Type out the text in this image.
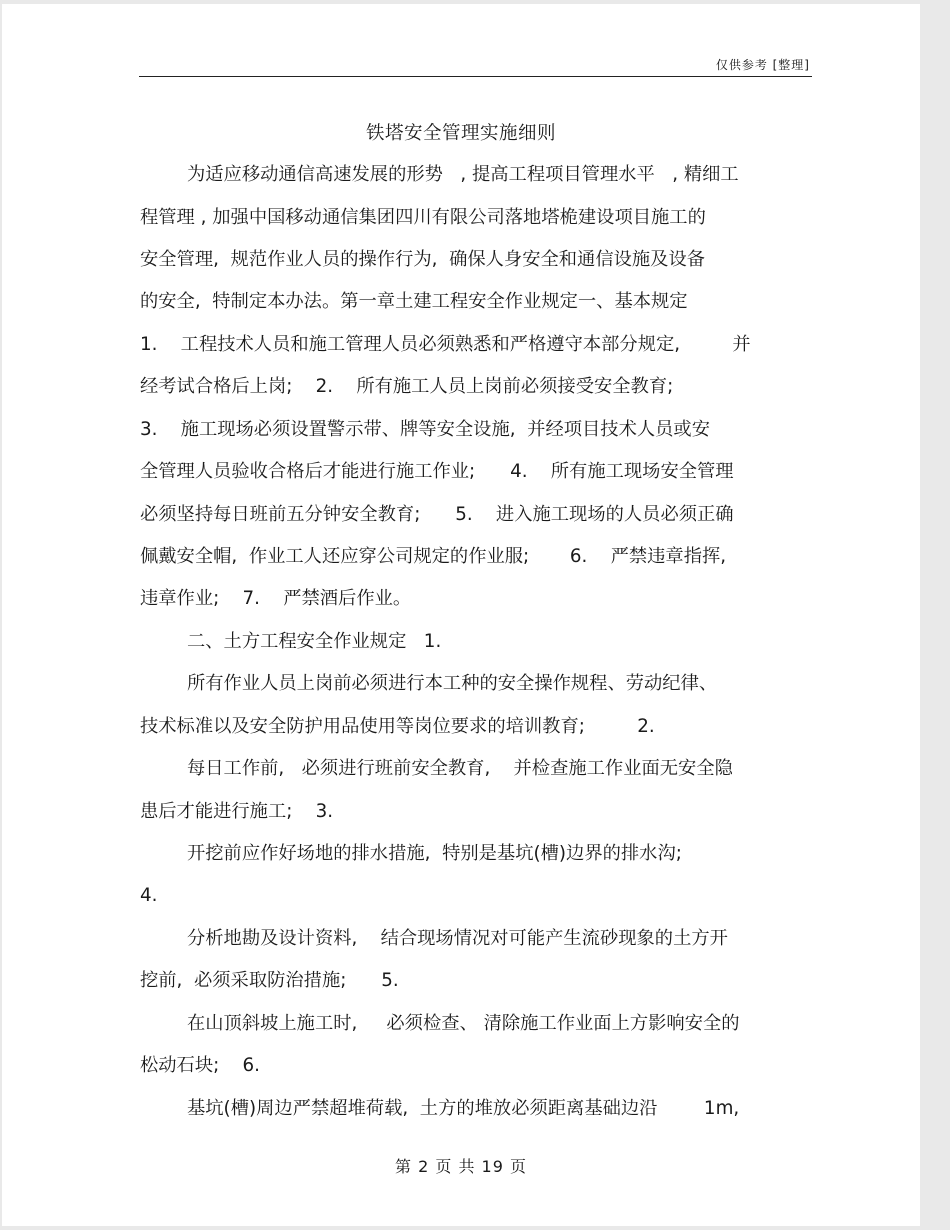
仅供参考 [整理]
铁塔安全管理实施细则
为适应移动通信高速发展的形势   , 提高工程项目管理水平   , 精细工
程管理 , 加强中国移动通信集团四川有限公司落地塔桅建设项目施工的
安全管理,  规范作业人员的操作行为,  确保人身安全和通信设施及设备
的安全,  特制定本办法。第一章土建工程安全作业规定一、基本规定
1.    工程技术人员和施工管理人员必须熟悉和严格遵守本部分规定,         并
经考试合格后上岗;    2.    所有施工人员上岗前必须接受安全教育;
3.    施工现场必须设置警示带、牌等安全设施,  并经项目技术人员或安
全管理人员验收合格后才能进行施工作业;      4.    所有施工现场安全管理
必须坚持每日班前五分钟安全教育;      5.    进入施工现场的人员必须正确
佩戴安全帽,  作业工人还应穿公司规定的作业服;       6.    严禁违章指挥,
违章作业;    7.    严禁酒后作业。
二、土方工程安全作业规定   1.
所有作业人员上岗前必须进行本工种的安全操作规程、劳动纪律、
技术标准以及安全防护用品使用等岗位要求的培训教育;         2.
每日工作前,   必须进行班前安全教育,    并检查施工作业面无安全隐
患后才能进行施工;    3.
开挖前应作好场地的排水措施,  特别是基坑(槽)边界的排水沟;
4.
分析地勘及设计资料,    结合现场情况对可能产生流砂现象的土方开
挖前,  必须采取防治措施;      5.
在山顶斜坡上施工时,     必须检查、 清除施工作业面上方影响安全的
松动石块;    6.
基坑(槽)周边严禁超堆荷载,  土方的堆放必须距离基础边沿        1m,
第 2 页 共 19 页
